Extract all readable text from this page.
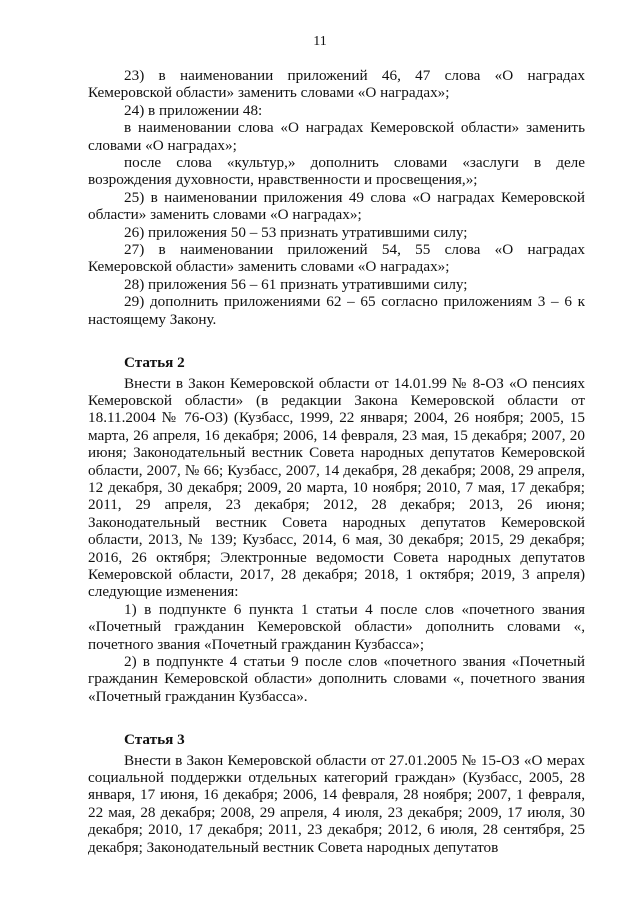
11

23) в наименовании приложений 46, 47 слова «О наградах Кемеровской области» заменить словами «О наградах»;

24) в приложении 48:

в наименовании слова «О наградах Кемеровской области» заменить словами «О наградах»;

после слова «культур,» дополнить словами «заслуги в деле возрождения духовности, нравственности и просвещения,»;

25) в наименовании приложения 49 слова «О наградах Кемеровской области» заменить словами «О наградах»;

26) приложения 50 – 53 признать утратившими силу;

27) в наименовании приложений 54, 55 слова «О наградах Кемеровской области» заменить словами «О наградах»;

28) приложения 56 – 61 признать утратившими силу;

29) дополнить приложениями 62 – 65 согласно приложениям 3 – 6 к настоящему Закону.

Статья 2

Внести в Закон Кемеровской области от 14.01.99 № 8-ОЗ «О пенсиях Кемеровской области» (в редакции Закона Кемеровской области от 18.11.2004 № 76-ОЗ) (Кузбасс, 1999, 22 января; 2004, 26 ноября; 2005, 15 марта, 26 апреля, 16 декабря; 2006, 14 февраля, 23 мая, 15 декабря; 2007, 20 июня; Законодательный вестник Совета народных депутатов Кемеровской области, 2007, № 66; Кузбасс, 2007, 14 декабря, 28 декабря; 2008, 29 апреля, 12 декабря, 30 декабря; 2009, 20 марта, 10 ноября; 2010, 7 мая, 17 декабря; 2011, 29 апреля, 23 декабря; 2012, 28 декабря; 2013, 26 июня; Законодательный вестник Совета народных депутатов Кемеровской области, 2013, № 139; Кузбасс, 2014, 6 мая, 30 декабря; 2015, 29 декабря; 2016, 26 октября; Электронные ведомости Совета народных депутатов Кемеровской области, 2017, 28 декабря; 2018, 1 октября; 2019, 3 апреля) следующие изменения:

1) в подпункте 6 пункта 1 статьи 4 после слов «почетного звания «Почетный гражданин Кемеровской области» дополнить словами «, почетного звания «Почетный гражданин Кузбасса»;

2) в подпункте 4 статьи 9 после слов «почетного звания «Почетный гражданин Кемеровской области» дополнить словами «, почетного звания «Почетный гражданин Кузбасса».

Статья 3

Внести в Закон Кемеровской области от 27.01.2005 № 15-ОЗ «О мерах социальной поддержки отдельных категорий граждан» (Кузбасс, 2005, 28 января, 17 июня, 16 декабря; 2006, 14 февраля, 28 ноября; 2007, 1 февраля, 22 мая, 28 декабря; 2008, 29 апреля, 4 июля, 23 декабря; 2009, 17 июля, 30 декабря; 2010, 17 декабря; 2011, 23 декабря; 2012, 6 июля, 28 сентября, 25 декабря; Законодательный вестник Совета народных депутатов
